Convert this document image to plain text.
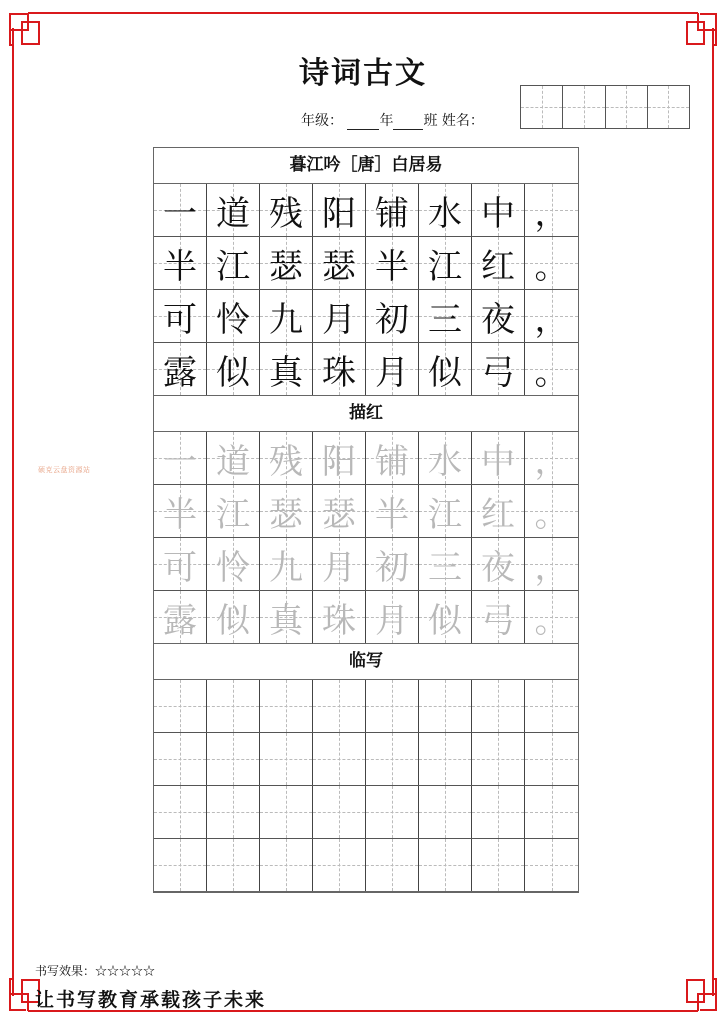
诗词古文
年级：	年 班 姓名：
硕克云盘资源站
暮江吟［唐］白居易
一 道 残 阳 铺 水 中 ，
半 江 瑟 瑟 半 江 红 。
可 怜 九 月 初 三 夜 ，
露 似 真 珠 月 似 弓 。
描红
一 道 残 阳 铺 水 中 ，
半 江 瑟 瑟 半 江 红 。
可 怜 九 月 初 三 夜 ，
露 似 真 珠 月 似 弓 。
临写
书写效果：☆☆☆☆☆
让书写教育承载孩子未来
